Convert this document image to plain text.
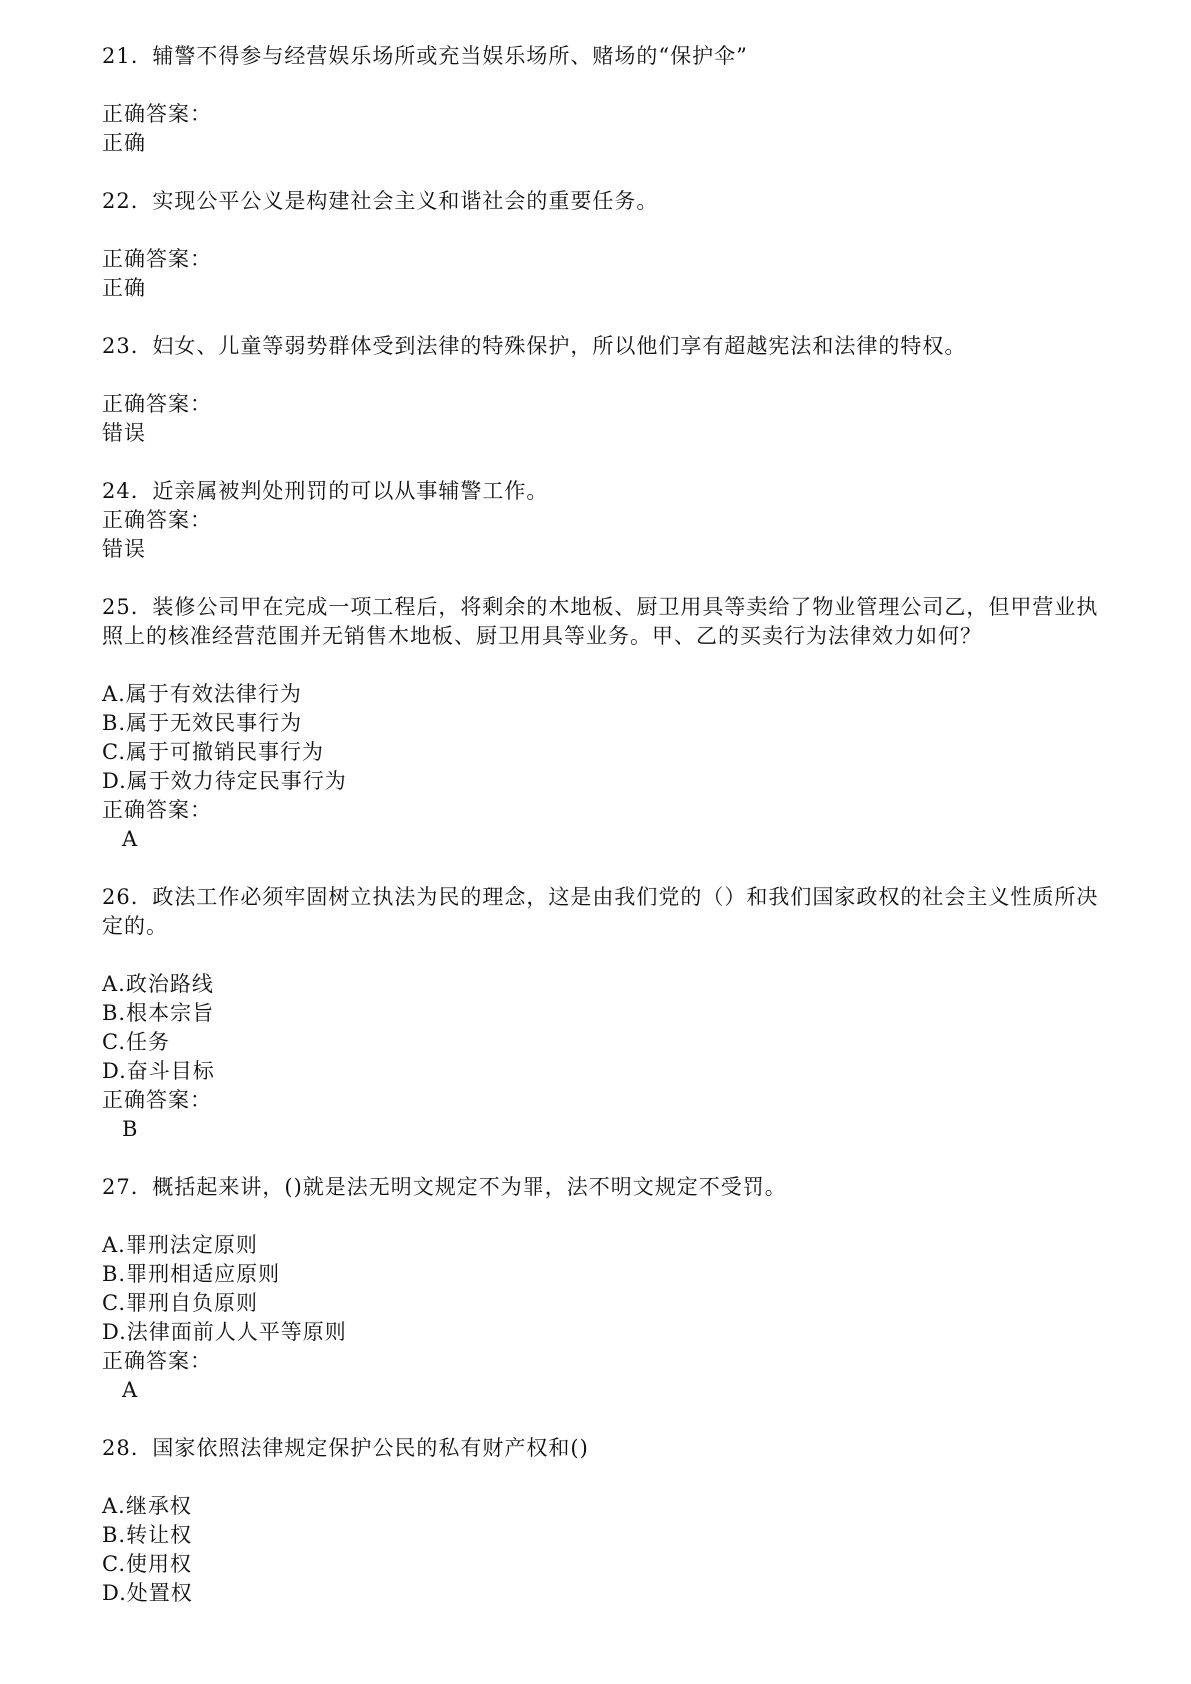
21. 辅警不得参与经营娱乐场所或充当娱乐场所、赌场的“保护伞”
正确答案：
正确
22. 实现公平公义是构建社会主义和谐社会的重要任务。
正确答案：
正确
23. 妇女、儿童等弱势群体受到法律的特殊保护，所以他们享有超越宪法和法律的特权。
正确答案：
错误
24. 近亲属被判处刑罚的可以从事辅警工作。
正确答案：
错误
25. 装修公司甲在完成一项工程后，将剩余的木地板、厨卫用具等卖给了物业管理公司乙，但甲营业执
照上的核准经营范围并无销售木地板、厨卫用具等业务。甲、乙的买卖行为法律效力如何？
A.属于有效法律行为
B.属于无效民事行为
C.属于可撤销民事行为
D.属于效力待定民事行为
正确答案：
A
26. 政法工作必须牢固树立执法为民的理念，这是由我们党的（）和我们国家政权的社会主义性质所决
定的。
A.政治路线
B.根本宗旨
C.任务
D.奋斗目标
正确答案：
B
27. 概括起来讲，()就是法无明文规定不为罪，法不明文规定不受罚。
A.罪刑法定原则
B.罪刑相适应原则
C.罪刑自负原则
D.法律面前人人平等原则
正确答案：
A
28. 国家依照法律规定保护公民的私有财产权和()
A.继承权
B.转让权
C.使用权
D.处置权
